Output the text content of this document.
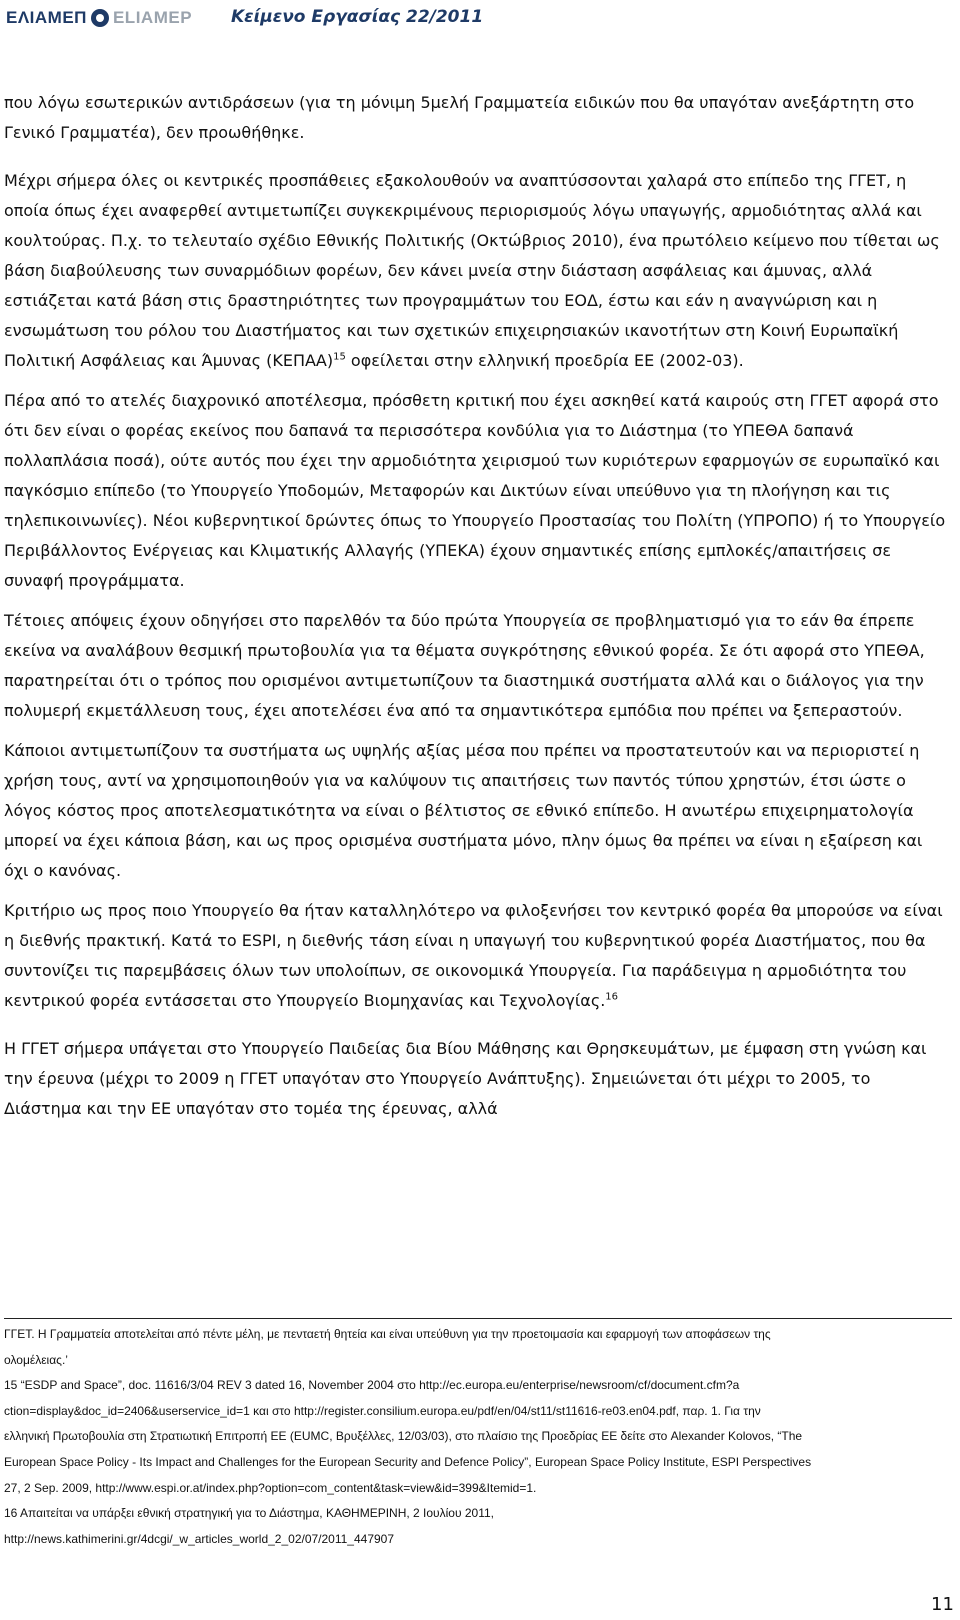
ΕΛΙΑΜΕΠ ELIAMEP Κείμενο Εργασίας 22/2011

που λόγω εσωτερικών αντιδράσεων (για τη μόνιμη 5μελή Γραμματεία ειδικών που θα υπαγόταν ανεξάρτητη στο Γενικό Γραμματέα), δεν προωθήθηκε.

Μέχρι σήμερα όλες οι κεντρικές προσπάθειες εξακολουθούν να αναπτύσσονται χαλαρά στο επίπεδο της ΓΓΕΤ, η οποία όπως έχει αναφερθεί αντιμετωπίζει συγκεκριμένους περιορισμούς λόγω υπαγωγής, αρμοδιότητας αλλά και κουλτούρας. Π.χ. το τελευταίο σχέδιο Εθνικής Πολιτικής (Οκτώβριος 2010), ένα πρωτόλειο κείμενο που τίθεται ως βάση διαβούλευσης των συναρμόδιων φορέων, δεν κάνει μνεία στην διάσταση ασφάλειας και άμυνας, αλλά εστιάζεται κατά βάση στις δραστηριότητες των προγραμμάτων του ΕΟΔ, έστω και εάν η αναγνώριση και η ενσωμάτωση του ρόλου του Διαστήματος και των σχετικών επιχειρησιακών ικανοτήτων στη Κοινή Ευρωπαϊκή Πολιτική Ασφάλειας και Άμυνας $(KE\Pi AA)^{15}$ οφείλεται στην ελληνική προεδρία ΕΕ (2002-03).

Πέρα από το ατελές διαχρονικό αποτέλεσμα, πρόσθετη κριτική που έχει ασκηθεί κατά καιρούς στη ΓΓΕΤ αφορά στο ότι δεν είναι ο φορέας εκείνος που δαπανά τα περισσότερα κονδύλια για το Διάστημα (το ΥΠΕΘΑ δαπανά πολλαπλάσια ποσά), ούτε αυτός που έχει την αρμοδιότητα χειρισμού των κυριότερων εφαρμογών σε ευρωπαϊκό και παγκόσμιο επίπεδο (το Υπουργείο Υποδομών, Μεταφορών και Δικτύων είναι υπεύθυνο για τη πλοήγηση και τις τηλεπικοινωνίες). Νέοι κυβερνητικοί δρώντες όπως το Υπουργείο Προστασίας του Πολίτη (ΥΠΡΟΠΟ) ή το Υπουργείο Περιβάλλοντος Ενέργειας και Κλιματικής Αλλαγής (ΥΠΕΚΑ) έχουν σημαντικές επίσης εμπλοκές/απαιτήσεις σε συναφή προγράμματα.

Τέτοιες απόψεις έχουν οδηγήσει στο παρελθόν τα δύο πρώτα Υπουργεία σε προβληματισμό για το εάν θα έπρεπε εκείνα να αναλάβουν θεσμική πρωτοβουλία για τα θέματα συγκρότησης εθνικού φορέα. Σε ότι αφορά στο ΥΠΕΘΑ, παρατηρείται ότι ο τρόπος που ορισμένοι αντιμετωπίζουν τα διαστημικά συστήματα αλλά και ο διάλογος για την πολυμερή εκμετάλλευση τους, έχει αποτελέσει ένα από τα σημαντικότερα εμπόδια που πρέπει να ξεπεραστούν.

Κάποιοι αντιμετωπίζουν τα συστήματα ως υψηλής αξίας μέσα που πρέπει να προστατευτούν και να περιοριστεί η χρήση τους, αντί να χρησιμοποιηθούν για να καλύψουν τις απαιτήσεις των παντός τύπου χρηστών, έτσι ώστε ο λόγος κόστος προς αποτελεσματικότητα να είναι ο βέλτιστος σε εθνικό επίπεδο. Η ανωτέρω επιχειρηματολογία μπορεί να έχει κάποια βάση, και ως προς ορισμένα συστήματα μόνο, πλην όμως θα πρέπει να είναι η εξαίρεση και όχι ο κανόνας.

Κριτήριο ως προς ποιο Υπουργείο θα ήταν καταλληλότερο να φιλοξενήσει τον κεντρικό φορέα θα μπορούσε να είναι η διεθνής πρακτική. Κατά το ESPI, η διεθνής τάση είναι η υπαγωγή του κυβερνητικού φορέα Διαστήματος, που θα συντονίζει τις παρεμβάσεις όλων των υπολοίπων, σε οικονομικά Υπουργεία. Για παράδειγμα η αρμοδιότητα του κεντρικού φορέα εντάσσεται στο Υπουργείο Βιομηχανίας και Τεχνολογίας.$^{16}$

Η ΓΓΕΤ σήμερα υπάγεται στο Υπουργείο Παιδείας δια Βίου Μάθησης και Θρησκευμάτων, με έμφαση στη γνώση και την έρευνα (μέχρι το 2009 η ΓΓΕΤ υπαγόταν στο Υπουργείο Ανάπτυξης). Σημειώνεται ότι μέχρι το 2005, το Διάστημα και την ΕΕ υπαγόταν στο τομέα της έρευνας, αλλά

ΓΓΕΤ. Η Γραμματεία αποτελείται από πέντε μέλη, με πενταετή θητεία και είναι υπεύθυνη για την προετοιμασία και εφαρμογή των αποφάσεων της
ολομέλειας.’
15 “ESDP and Space”, doc. 11616/3/04 REV 3 dated 16, November 2004 στο http://ec.europa.eu/enterprise/newsroom/cf/document.cfm?a
ction=display&doc_id=2406&userservice_id=1 και στο http://register.consilium.europa.eu/pdf/en/04/st11/st11616-re03.en04.pdf, παρ. 1. Για την
ελληνική Πρωτοβουλία στη Στρατιωτική Επιτροπή ΕΕ (EUMC, Βρυξέλλες, 12/03/03), στο πλαίσιο της Προεδρίας ΕΕ δείτε στο Alexander Kolovos, “The
European Space Policy - Its Impact and Challenges for the European Security and Defence Policy”, European Space Policy Institute, ESPI Perspectives
27, 2 Sep. 2009, http://www.espi.or.at/index.php?option=com_content&task=view&id=399&Itemid=1.
16 Απαιτείται να υπάρξει εθνική στρατηγική για το Διάστημα, ΚΑΘΗΜΕΡΙΝΗ, 2 Ιουλίου 2011,
http://news.kathimerini.gr/4dcgi/_w_articles_world_2_02/07/2011_447907
11
